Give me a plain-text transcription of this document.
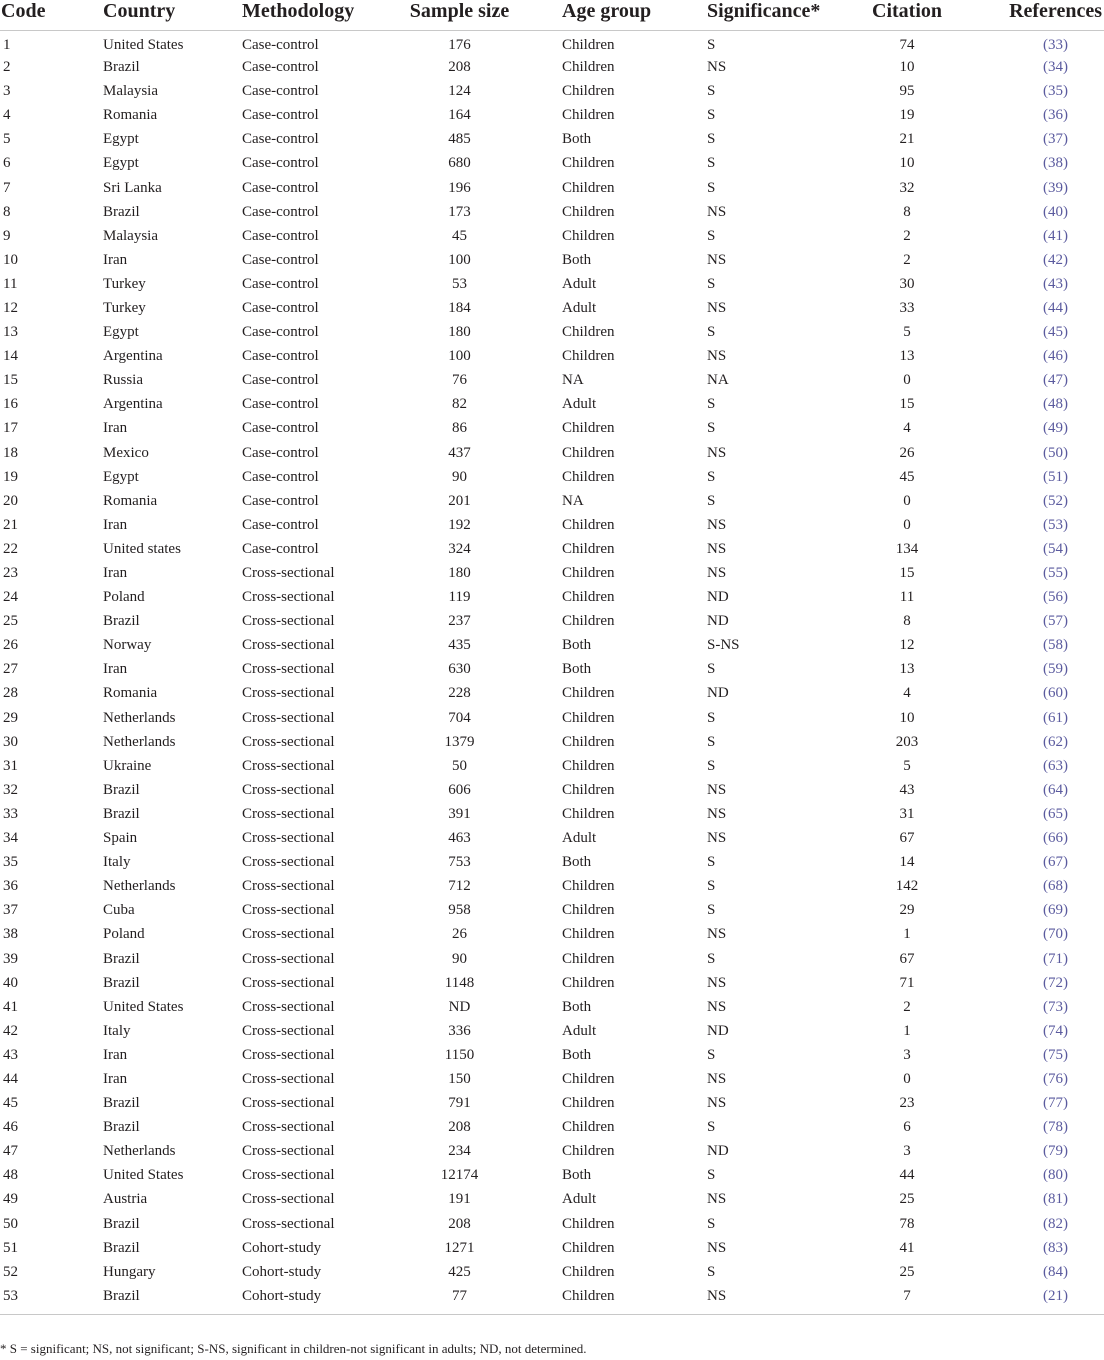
Code	Country	Methodology	Sample size	Age group	Significance*	Citation	References
1	United States	Case-control	176	Children	S	74	(33)
2	Brazil	Case-control	208	Children	NS	10	(34)
3	Malaysia	Case-control	124	Children	S	95	(35)
4	Romania	Case-control	164	Children	S	19	(36)
5	Egypt	Case-control	485	Both	S	21	(37)
6	Egypt	Case-control	680	Children	S	10	(38)
7	Sri Lanka	Case-control	196	Children	S	32	(39)
8	Brazil	Case-control	173	Children	NS	8	(40)
9	Malaysia	Case-control	45	Children	S	2	(41)
10	Iran	Case-control	100	Both	NS	2	(42)
11	Turkey	Case-control	53	Adult	S	30	(43)
12	Turkey	Case-control	184	Adult	NS	33	(44)
13	Egypt	Case-control	180	Children	S	5	(45)
14	Argentina	Case-control	100	Children	NS	13	(46)
15	Russia	Case-control	76	NA	NA	0	(47)
16	Argentina	Case-control	82	Adult	S	15	(48)
17	Iran	Case-control	86	Children	S	4	(49)
18	Mexico	Case-control	437	Children	NS	26	(50)
19	Egypt	Case-control	90	Children	S	45	(51)
20	Romania	Case-control	201	NA	S	0	(52)
21	Iran	Case-control	192	Children	NS	0	(53)
22	United states	Case-control	324	Children	NS	134	(54)
23	Iran	Cross-sectional	180	Children	NS	15	(55)
24	Poland	Cross-sectional	119	Children	ND	11	(56)
25	Brazil	Cross-sectional	237	Children	ND	8	(57)
26	Norway	Cross-sectional	435	Both	S-NS	12	(58)
27	Iran	Cross-sectional	630	Both	S	13	(59)
28	Romania	Cross-sectional	228	Children	ND	4	(60)
29	Netherlands	Cross-sectional	704	Children	S	10	(61)
30	Netherlands	Cross-sectional	1379	Children	S	203	(62)
31	Ukraine	Cross-sectional	50	Children	S	5	(63)
32	Brazil	Cross-sectional	606	Children	NS	43	(64)
33	Brazil	Cross-sectional	391	Children	NS	31	(65)
34	Spain	Cross-sectional	463	Adult	NS	67	(66)
35	Italy	Cross-sectional	753	Both	S	14	(67)
36	Netherlands	Cross-sectional	712	Children	S	142	(68)
37	Cuba	Cross-sectional	958	Children	S	29	(69)
38	Poland	Cross-sectional	26	Children	NS	1	(70)
39	Brazil	Cross-sectional	90	Children	S	67	(71)
40	Brazil	Cross-sectional	1148	Children	NS	71	(72)
41	United States	Cross-sectional	ND	Both	NS	2	(73)
42	Italy	Cross-sectional	336	Adult	ND	1	(74)
43	Iran	Cross-sectional	1150	Both	S	3	(75)
44	Iran	Cross-sectional	150	Children	NS	0	(76)
45	Brazil	Cross-sectional	791	Children	NS	23	(77)
46	Brazil	Cross-sectional	208	Children	S	6	(78)
47	Netherlands	Cross-sectional	234	Children	ND	3	(79)
48	United States	Cross-sectional	12174	Both	S	44	(80)
49	Austria	Cross-sectional	191	Adult	NS	25	(81)
50	Brazil	Cross-sectional	208	Children	S	78	(82)
51	Brazil	Cohort-study	1271	Children	NS	41	(83)
52	Hungary	Cohort-study	425	Children	S	25	(84)
53	Brazil	Cohort-study	77	Children	NS	7	(21)
* S = significant; NS, not significant; S-NS, significant in children-not significant in adults; ND, not determined.
